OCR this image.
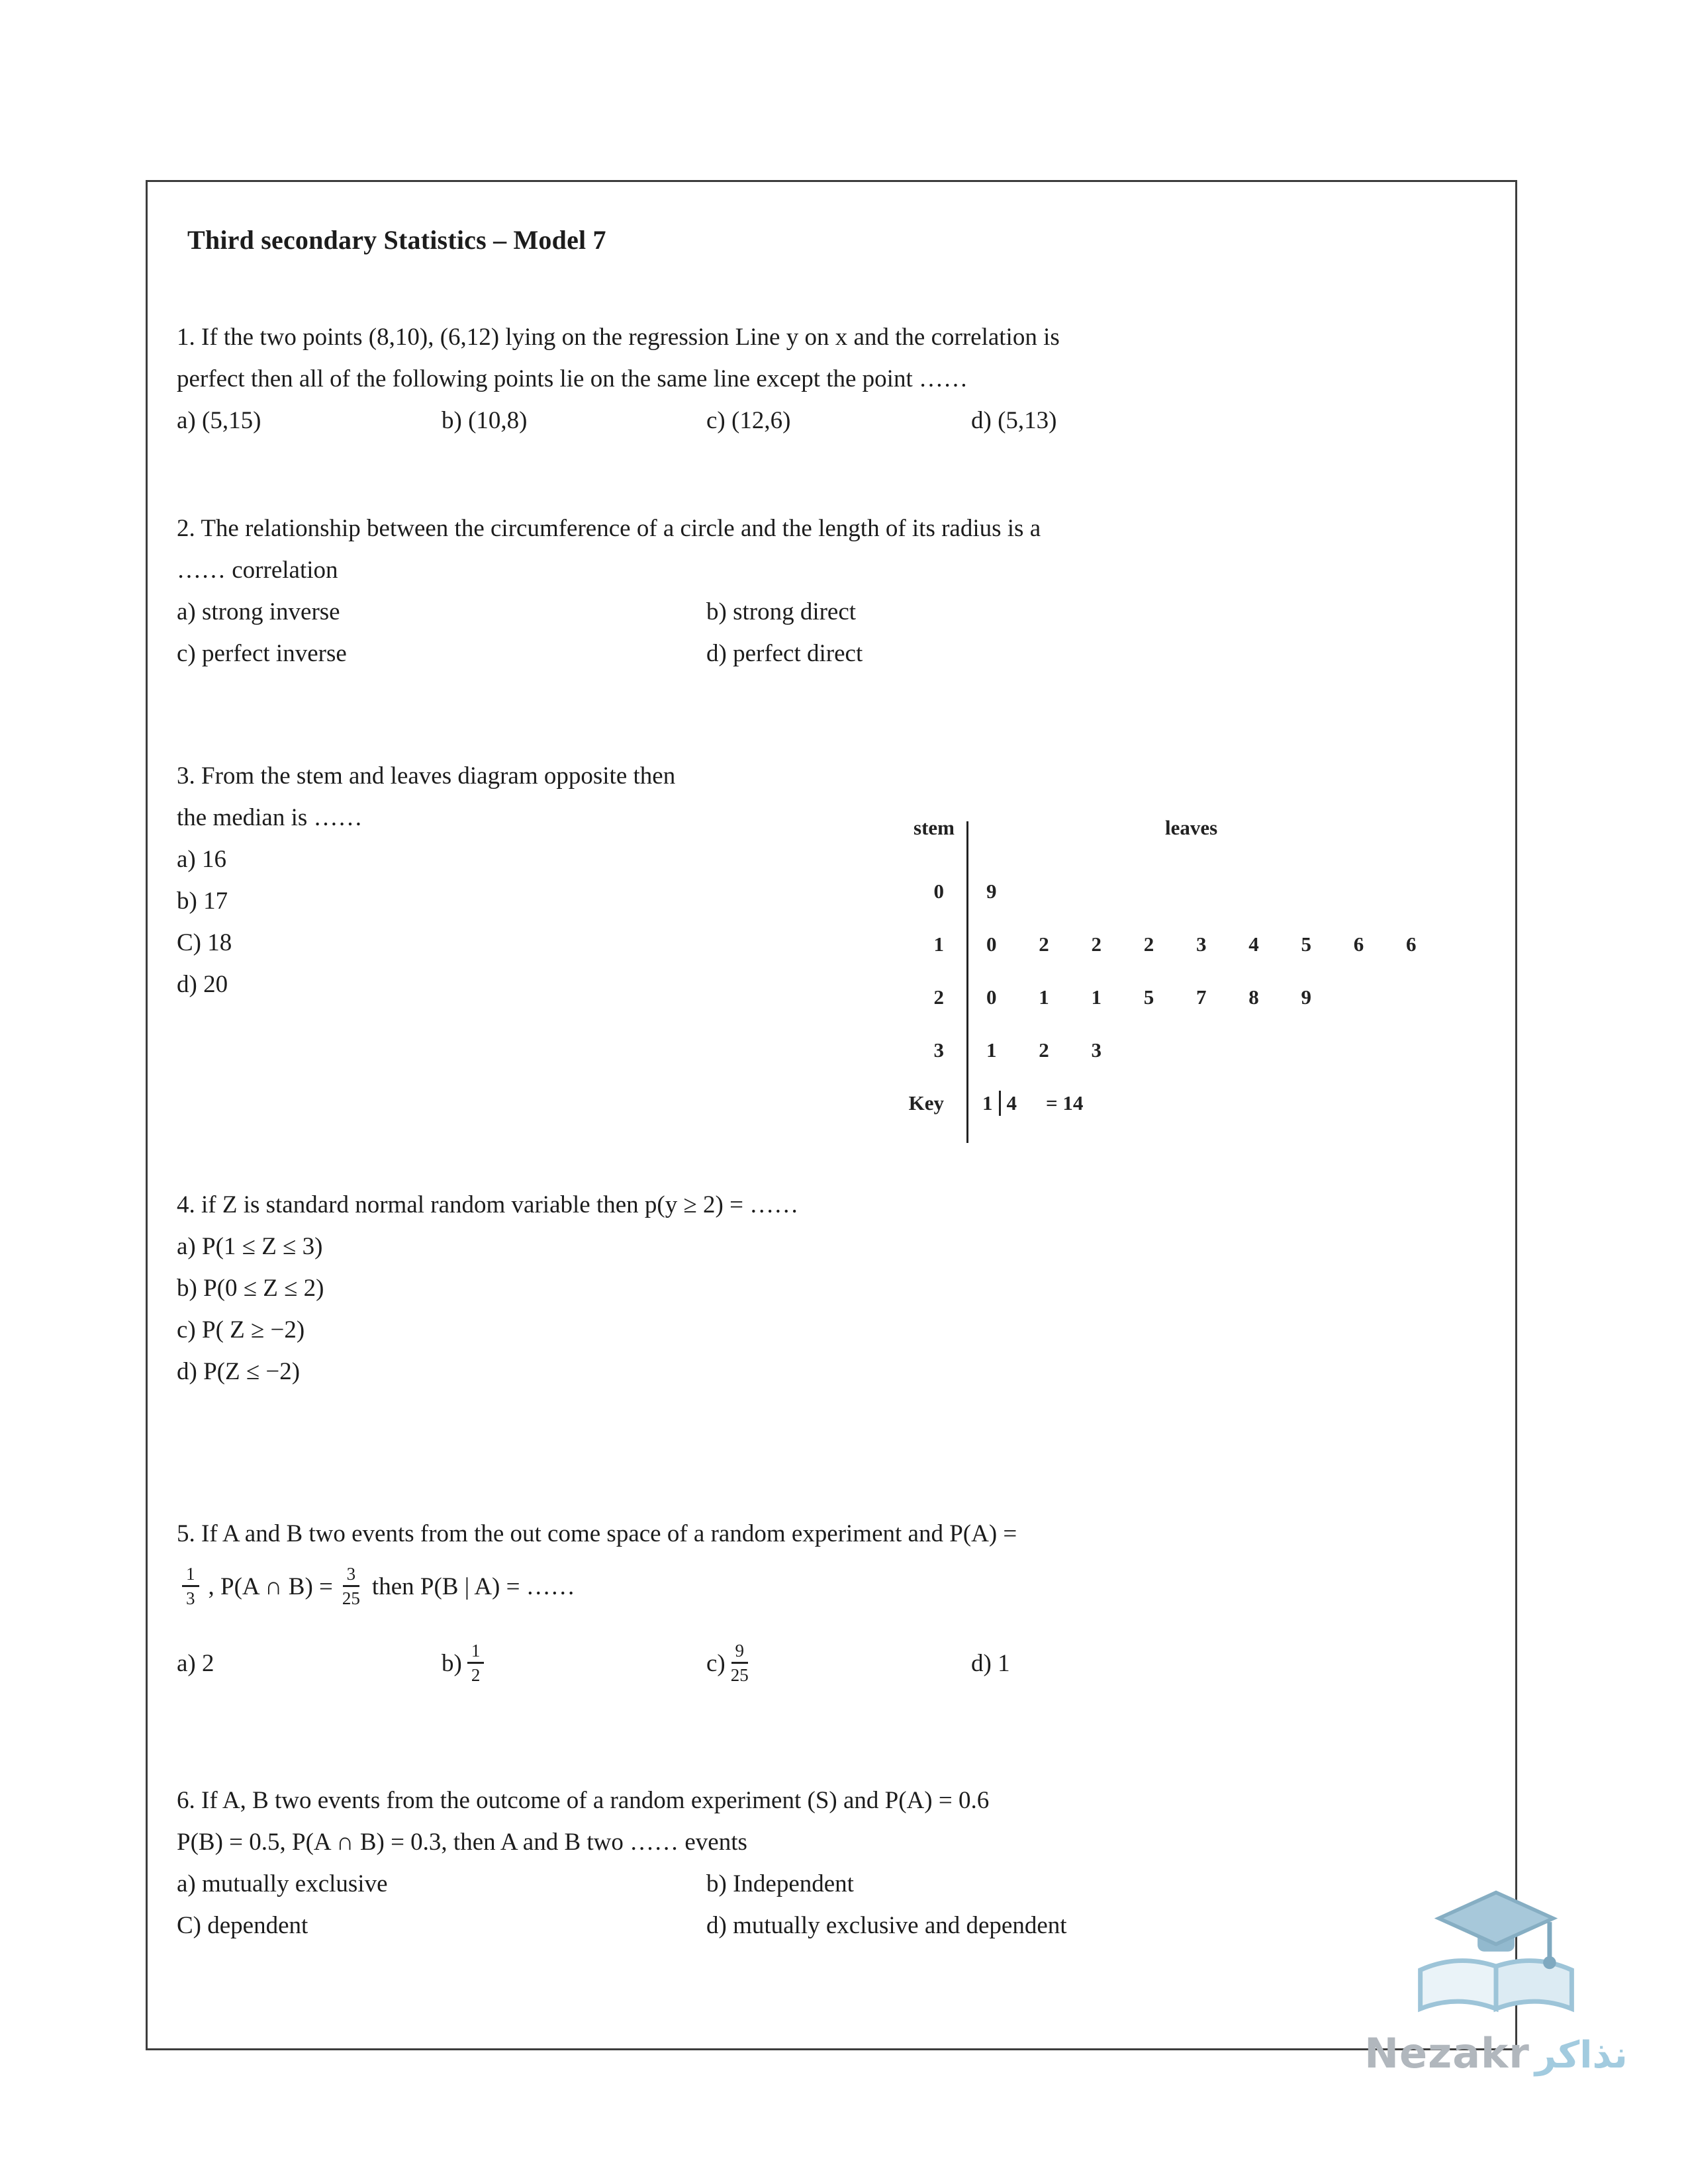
Third secondary Statistics – Model 7
1. If the two points (8,10), (6,12) lying on the regression Line y on x and the correlation is
perfect then all of the following points lie on the same line except the point ……
a) (5,15)	b) (10,8)	c) (12,6)	d) (5,13)
2. The relationship between the circumference of a circle and the length of its radius is a
…… correlation
a) strong inverse	b) strong direct
c) perfect inverse	d) perfect direct
3. From the stem and leaves diagram opposite then
the median is ……
a) 16
b) 17
C) 18
d) 20
stem	leaves
0	9
1	0 2 2 2 3 4 5 6 6
2	0 1 1 5 7 8 9
3	1 2 3
Key	1 4 = 14
4. if Z is standard normal random variable then p(y ≥ 2) = ……
a) P(1 ≤ Z ≤ 3)
b) P(0 ≤ Z ≤ 2)
c) P( Z ≥ −2)
d) P(Z ≤ −2)
5. If A and B two events from the out come space of a random experiment and P(A) =
$\frac{1}{3}$ , P(A ∩ $B) = \frac{3}{25}$ then P(B | A) = ……
a) 2	$b) \frac{1}{2}$	$c) \frac{9}{25}$	d) 1
6. If A, B two events from the outcome of a random experiment (S) and P(A) = 0.6
P(B) = 0.5, P(A ∩ B) = 0.3, then A and B two …… events
a) mutually exclusive	b) Independent
C) dependent	d) mutually exclusive and dependent
Nezakr نذاكر
